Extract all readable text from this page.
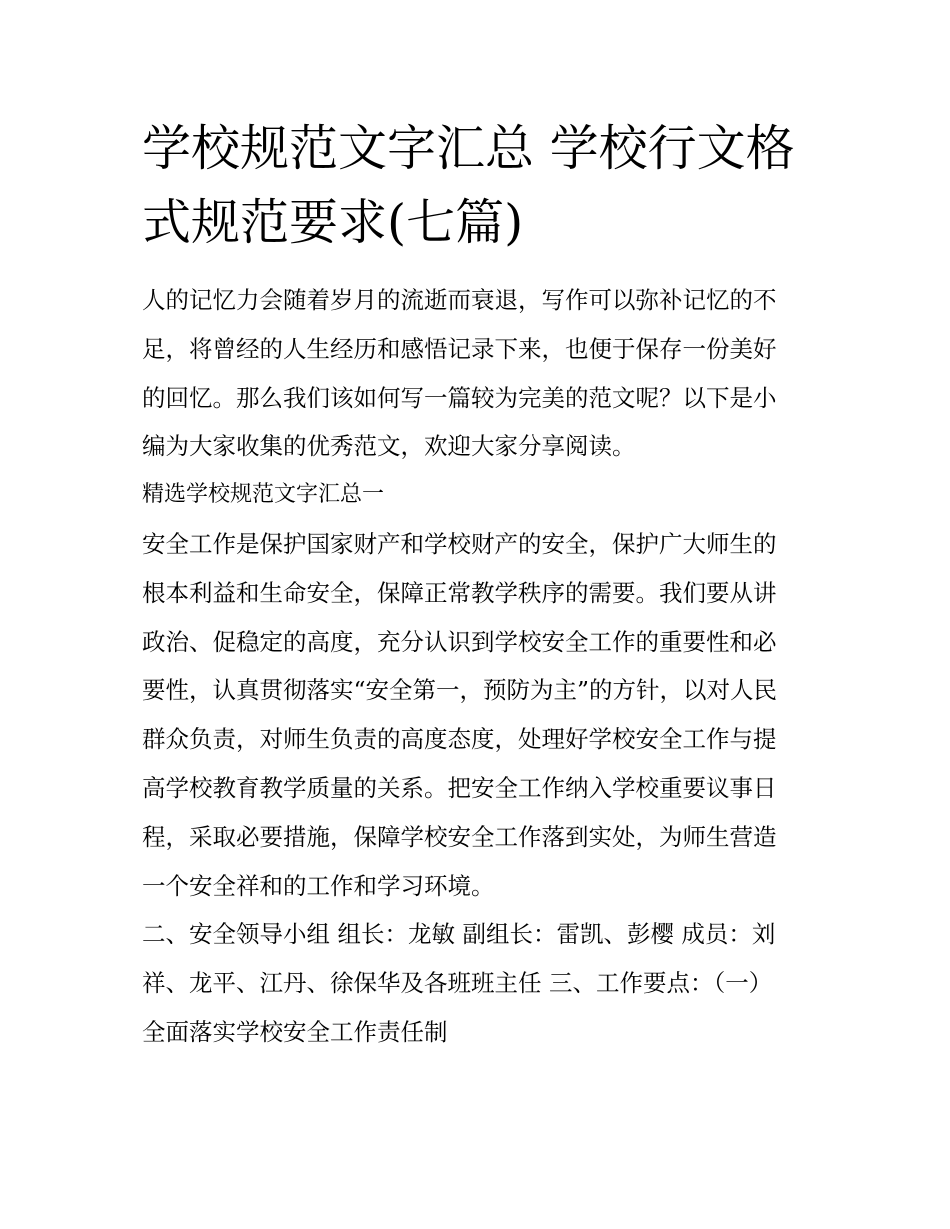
学校规范文字汇总 学校行文格
式规范要求(七篇)

人的记忆力会随着岁月的流逝而衰退，写作可以弥补记忆的不
足，将曾经的人生经历和感悟记录下来，也便于保存一份美好
的回忆。那么我们该如何写一篇较为完美的范文呢？以下是小
编为大家收集的优秀范文，欢迎大家分享阅读。

精选学校规范文字汇总一

安全工作是保护国家财产和学校财产的安全，保护广大师生的
根本利益和生命安全，保障正常教学秩序的需要。我们要从讲
政治、促稳定的高度，充分认识到学校安全工作的重要性和必
要性，认真贯彻落实“安全第一，预防为主”的方针，以对人民
群众负责，对师生负责的高度态度，处理好学校安全工作与提
高学校教育教学质量的关系。把安全工作纳入学校重要议事日
程，采取必要措施，保障学校安全工作落到实处，为师生营造
一个安全祥和的工作和学习环境。

二、安全领导小组 组长：龙敏 副组长：雷凯、彭樱 成员：刘
祥、龙平、江丹、徐保华及各班班主任 三、工作要点：（一）
全面落实学校安全工作责任制
